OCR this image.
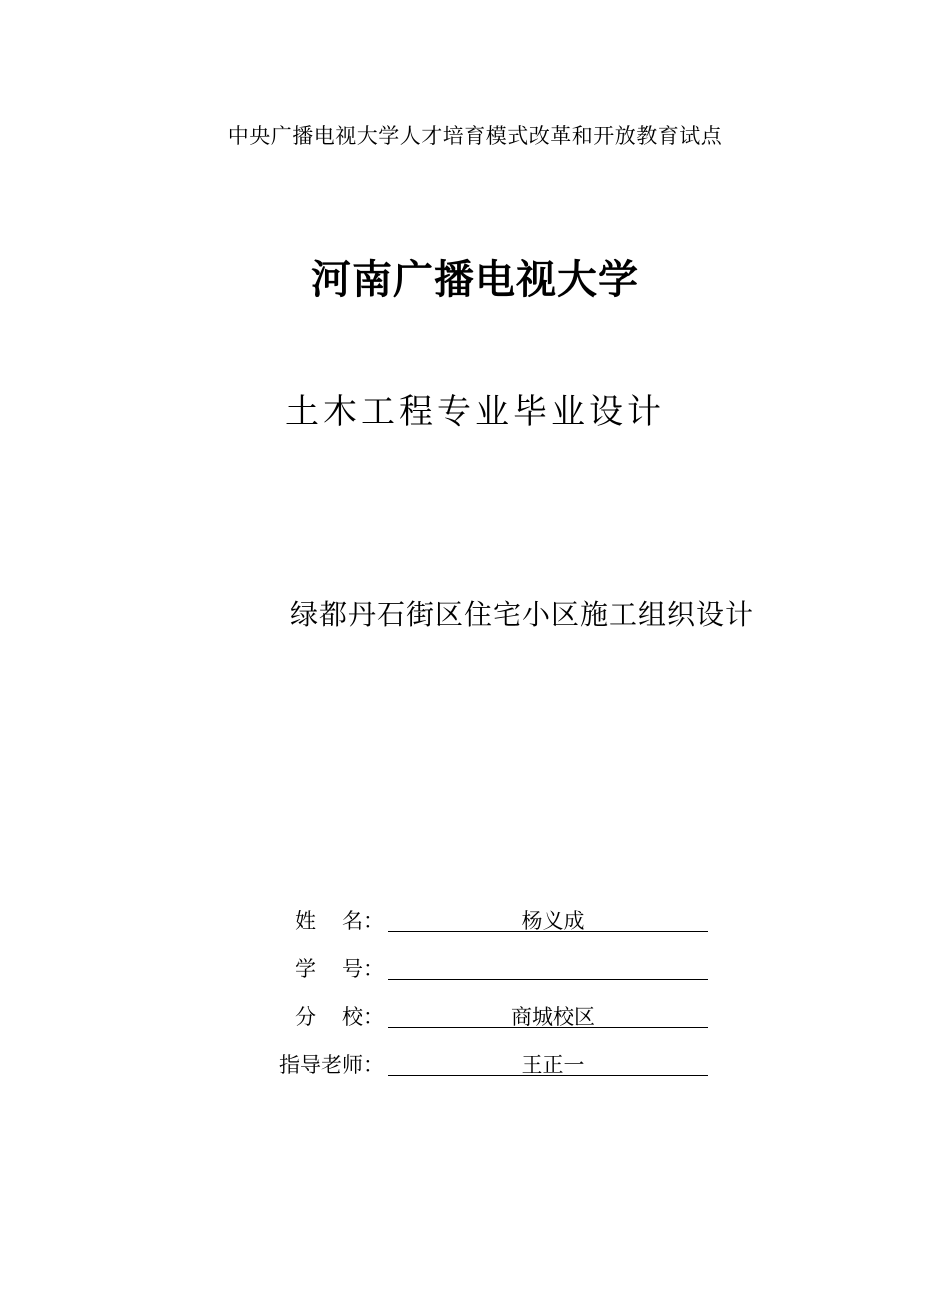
中央广播电视大学人才培育模式改革和开放教育试点
河南广播电视大学
土木工程专业毕业设计
绿都丹石街区住宅小区施工组织设计
姓 名：	杨义成
学 号：
分 校：	商城校区
指导老师：	王正一
